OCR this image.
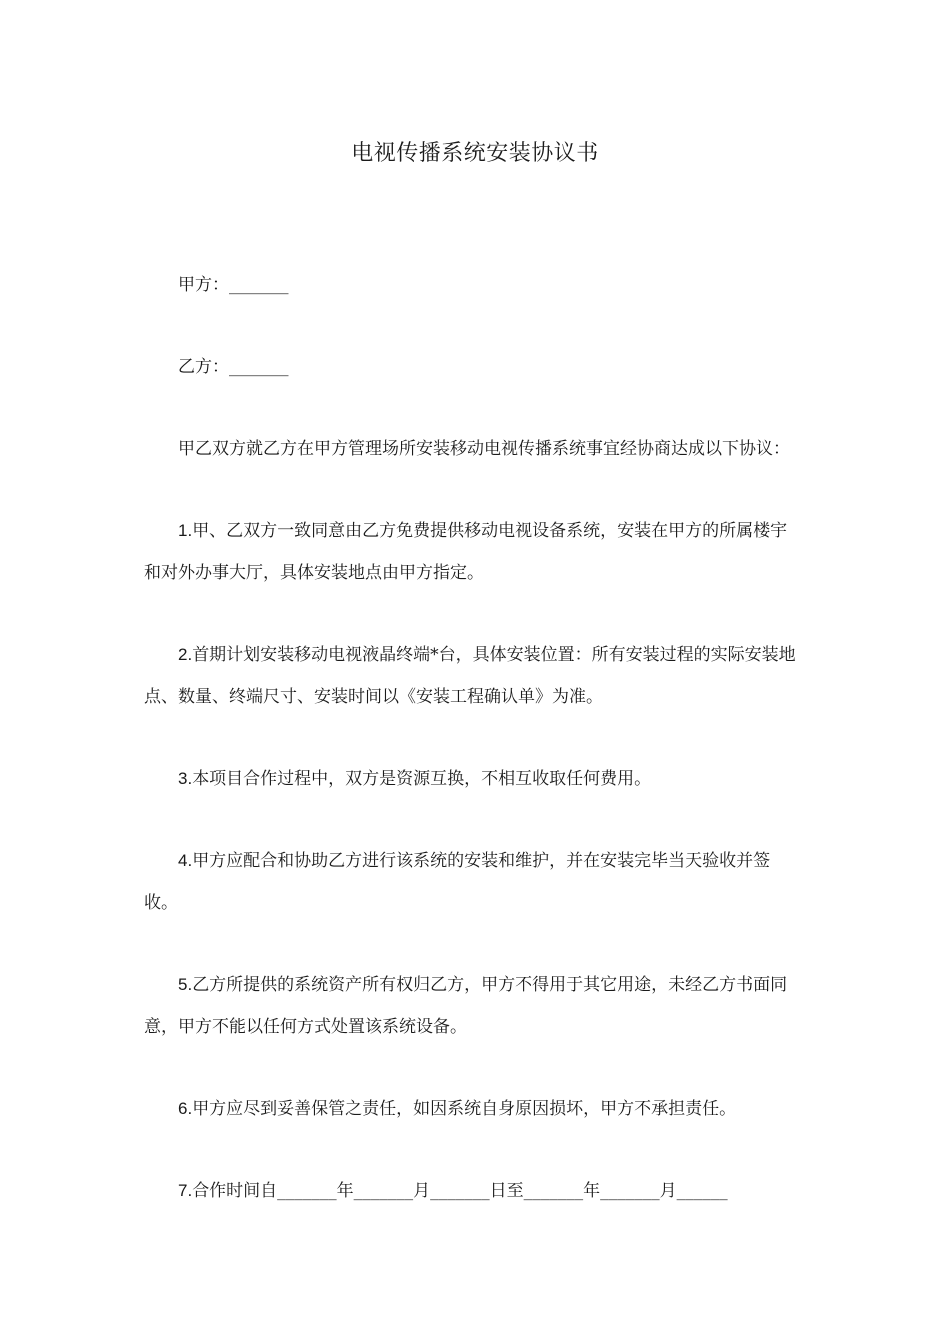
电视传播系统安装协议书

甲方：_______

乙方：_______

甲乙双方就乙方在甲方管理场所安装移动电视传播系统事宜经协商达成以下协议：

1.甲、乙双方一致同意由乙方免费提供移动电视设备系统，安装在甲方的所属楼宇和对外办事大厅，具体安装地点由甲方指定。

2.首期计划安装移动电视液晶终端*台，具体安装位置：所有安装过程的实际安装地点、数量、终端尺寸、安装时间以《安装工程确认单》为准。

3.本项目合作过程中，双方是资源互换，不相互收取任何费用。

4.甲方应配合和协助乙方进行该系统的安装和维护，并在安装完毕当天验收并签收。

5.乙方所提供的系统资产所有权归乙方，甲方不得用于其它用途，未经乙方书面同意，甲方不能以任何方式处置该系统设备。

6.甲方应尽到妥善保管之责任，如因系统自身原因损坏，甲方不承担责任。

7.合作时间自_______年_______月_______日至_______年_______月______
